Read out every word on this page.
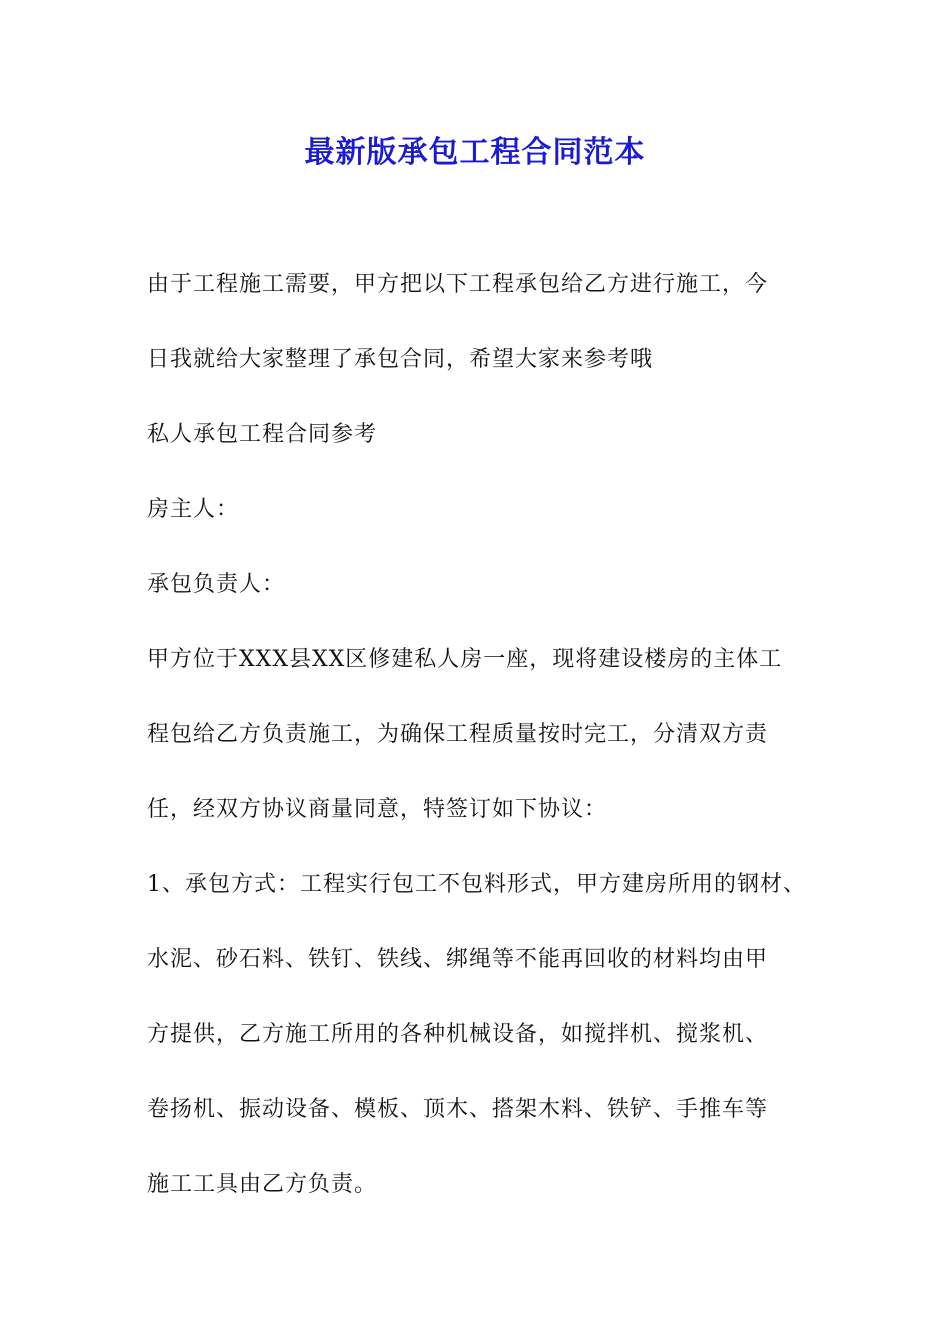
最新版承包工程合同范本

由于工程施工需要，甲方把以下工程承包给乙方进行施工，今

日我就给大家整理了承包合同，希望大家来参考哦

私人承包工程合同参考

房主人：

承包负责人：

甲方位于XXX县XX区修建私人房一座，现将建设楼房的主体工

程包给乙方负责施工，为确保工程质量按时完工，分清双方责

任，经双方协议商量同意，特签订如下协议：

1、承包方式：工程实行包工不包料形式，甲方建房所用的钢材、

水泥、砂石料、铁钉、铁线、绑绳等不能再回收的材料均由甲

方提供，乙方施工所用的各种机械设备，如搅拌机、搅浆机、

卷扬机、振动设备、模板、顶木、搭架木料、铁铲、手推车等

施工工具由乙方负责。
